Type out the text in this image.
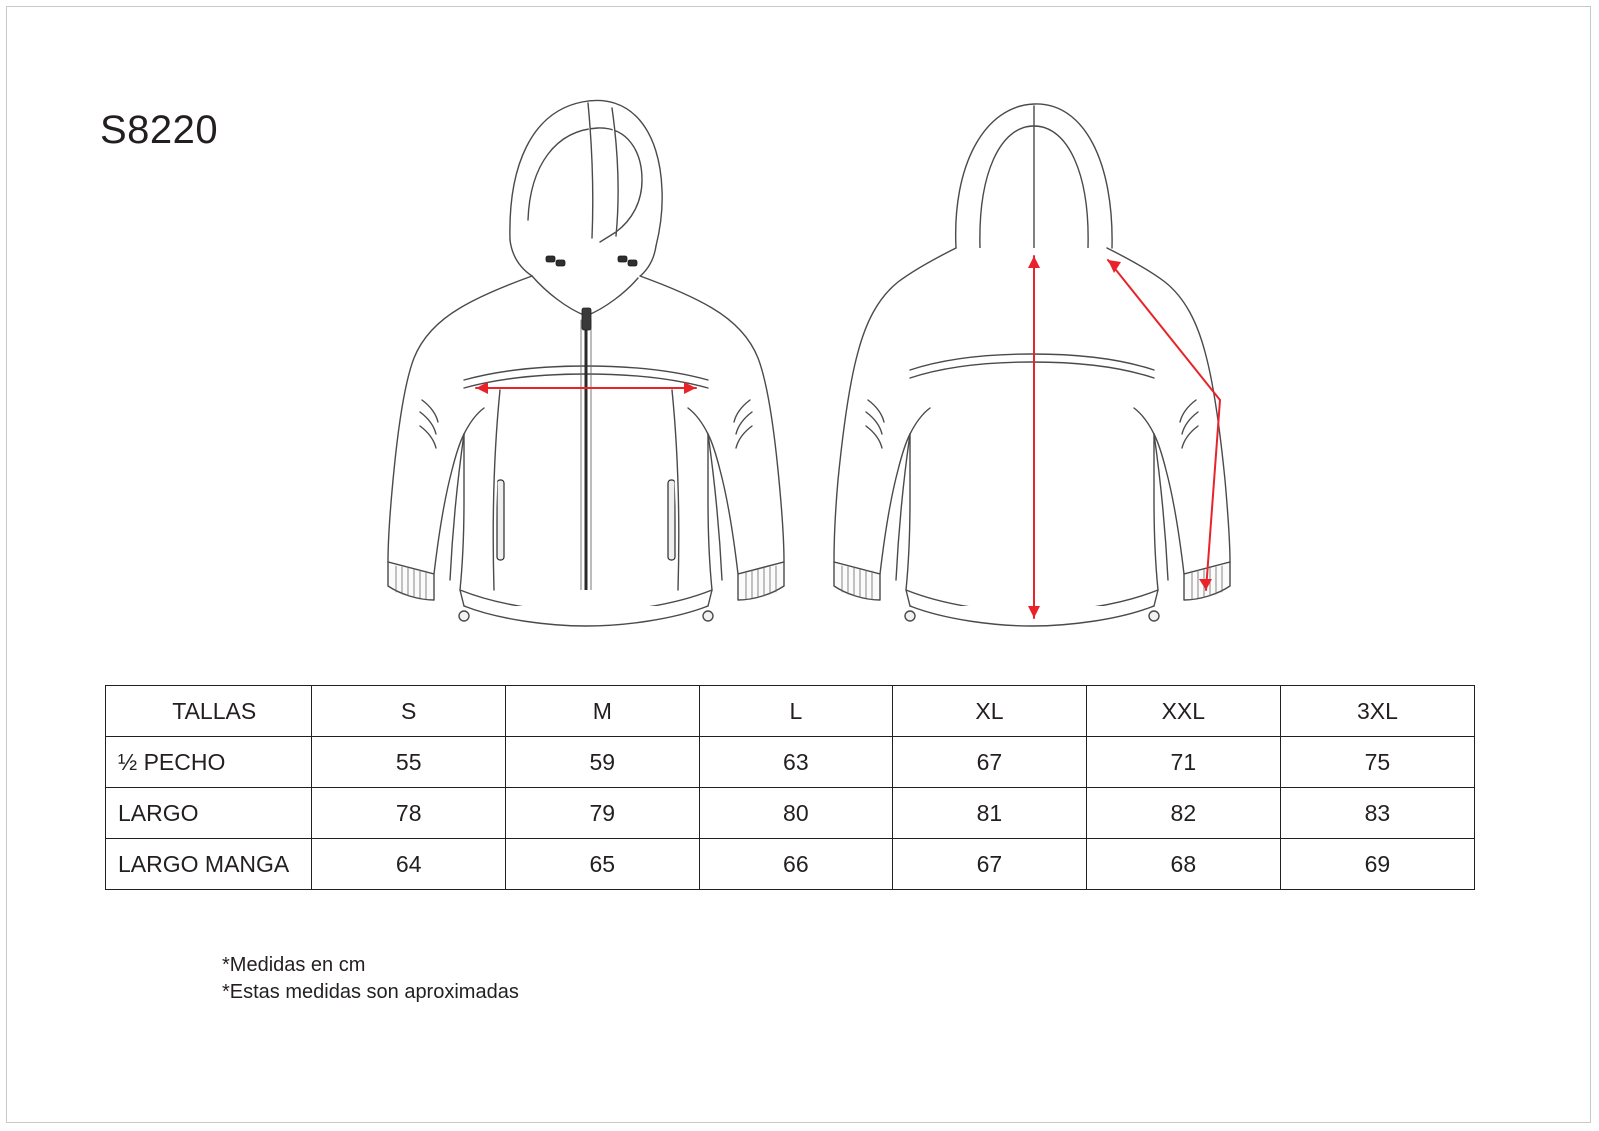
S8220
TALLAS	S	M	L	XL	XXL	3XL
½ PECHO	55	59	63	67	71	75
LARGO	78	79	80	81	82	83
LARGO MANGA	64	65	66	67	68	69
*Medidas en cm
*Estas medidas son aproximadas
